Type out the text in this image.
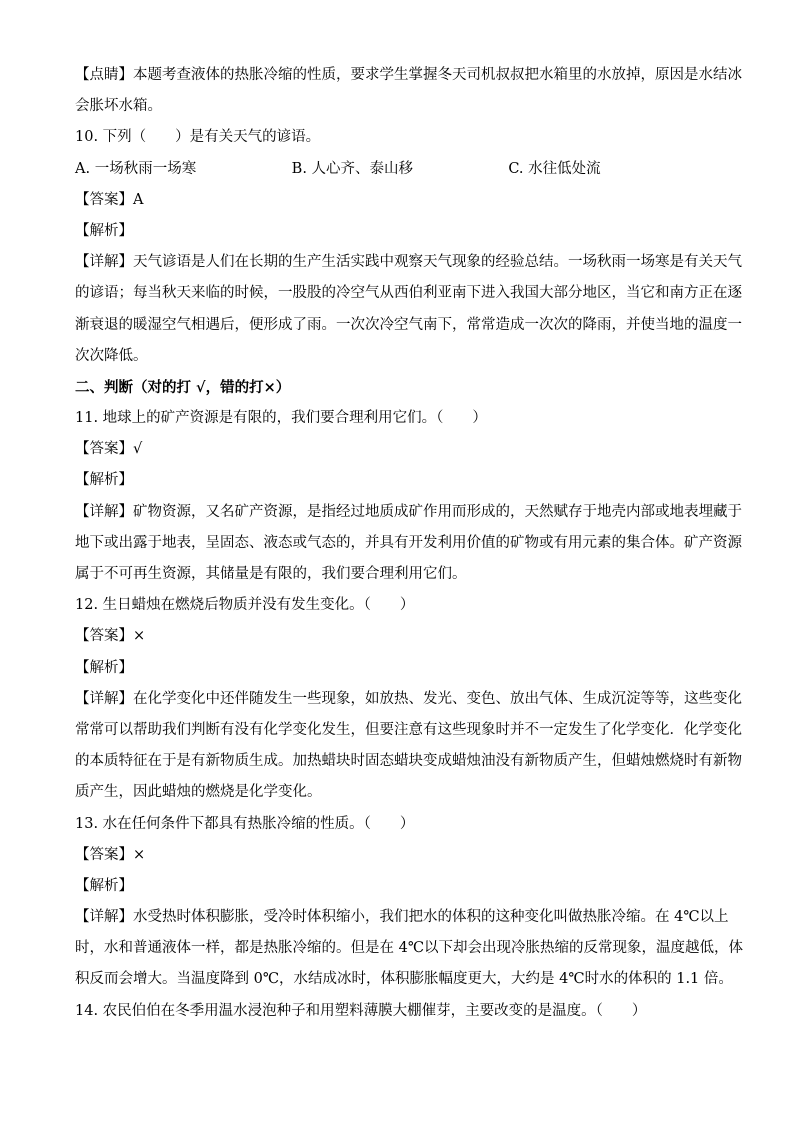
【点睛】本题考查液体的热胀冷缩的性质，要求学生掌握冬天司机叔叔把水箱里的水放掉，原因是水结冰
会胀坏水箱。
10. 下列（　　）是有关天气的谚语。
A. 一场秋雨一场寒	B. 人心齐、泰山移	C. 水往低处流
【答案】A
【解析】
【详解】天气谚语是人们在长期的生产生活实践中观察天气现象的经验总结。一场秋雨一场寒是有关天气
的谚语；每当秋天来临的时候，一股股的冷空气从西伯利亚南下进入我国大部分地区，当它和南方正在逐
渐衰退的暖湿空气相遇后，便形成了雨。一次次冷空气南下，常常造成一次次的降雨，并使当地的温度一
次次降低。
二、判断（对的打 √，错的打×）
11. 地球上的矿产资源是有限的，我们要合理利用它们。（　　）
【答案】√
【解析】
【详解】矿物资源，又名矿产资源，是指经过地质成矿作用而形成的，天然赋存于地壳内部或地表埋藏于
地下或出露于地表，呈固态、液态或气态的，并具有开发利用价值的矿物或有用元素的集合体。矿产资源
属于不可再生资源，其储量是有限的，我们要合理利用它们。
12. 生日蜡烛在燃烧后物质并没有发生变化。（　　）
【答案】×
【解析】
【详解】在化学变化中还伴随发生一些现象，如放热、发光、变色、放出气体、生成沉淀等等，这些变化
常常可以帮助我们判断有没有化学变化发生，但要注意有这些现象时并不一定发生了化学变化．化学变化
的本质特征在于是有新物质生成。加热蜡块时固态蜡块变成蜡烛油没有新物质产生，但蜡烛燃烧时有新物
质产生，因此蜡烛的燃烧是化学变化。
13. 水在任何条件下都具有热胀冷缩的性质。（　　）
【答案】×
【解析】
【详解】水受热时体积膨胀，受冷时体积缩小，我们把水的体积的这种变化叫做热胀冷缩。在 4℃以上
时，水和普通液体一样，都是热胀冷缩的。但是在 4℃以下却会出现冷胀热缩的反常现象，温度越低，体
积反而会增大。当温度降到 0℃，水结成冰时，体积膨胀幅度更大，大约是 4℃时水的体积的 1.1 倍。
14. 农民伯伯在冬季用温水浸泡种子和用塑料薄膜大棚催芽，主要改变的是温度。（　　）
